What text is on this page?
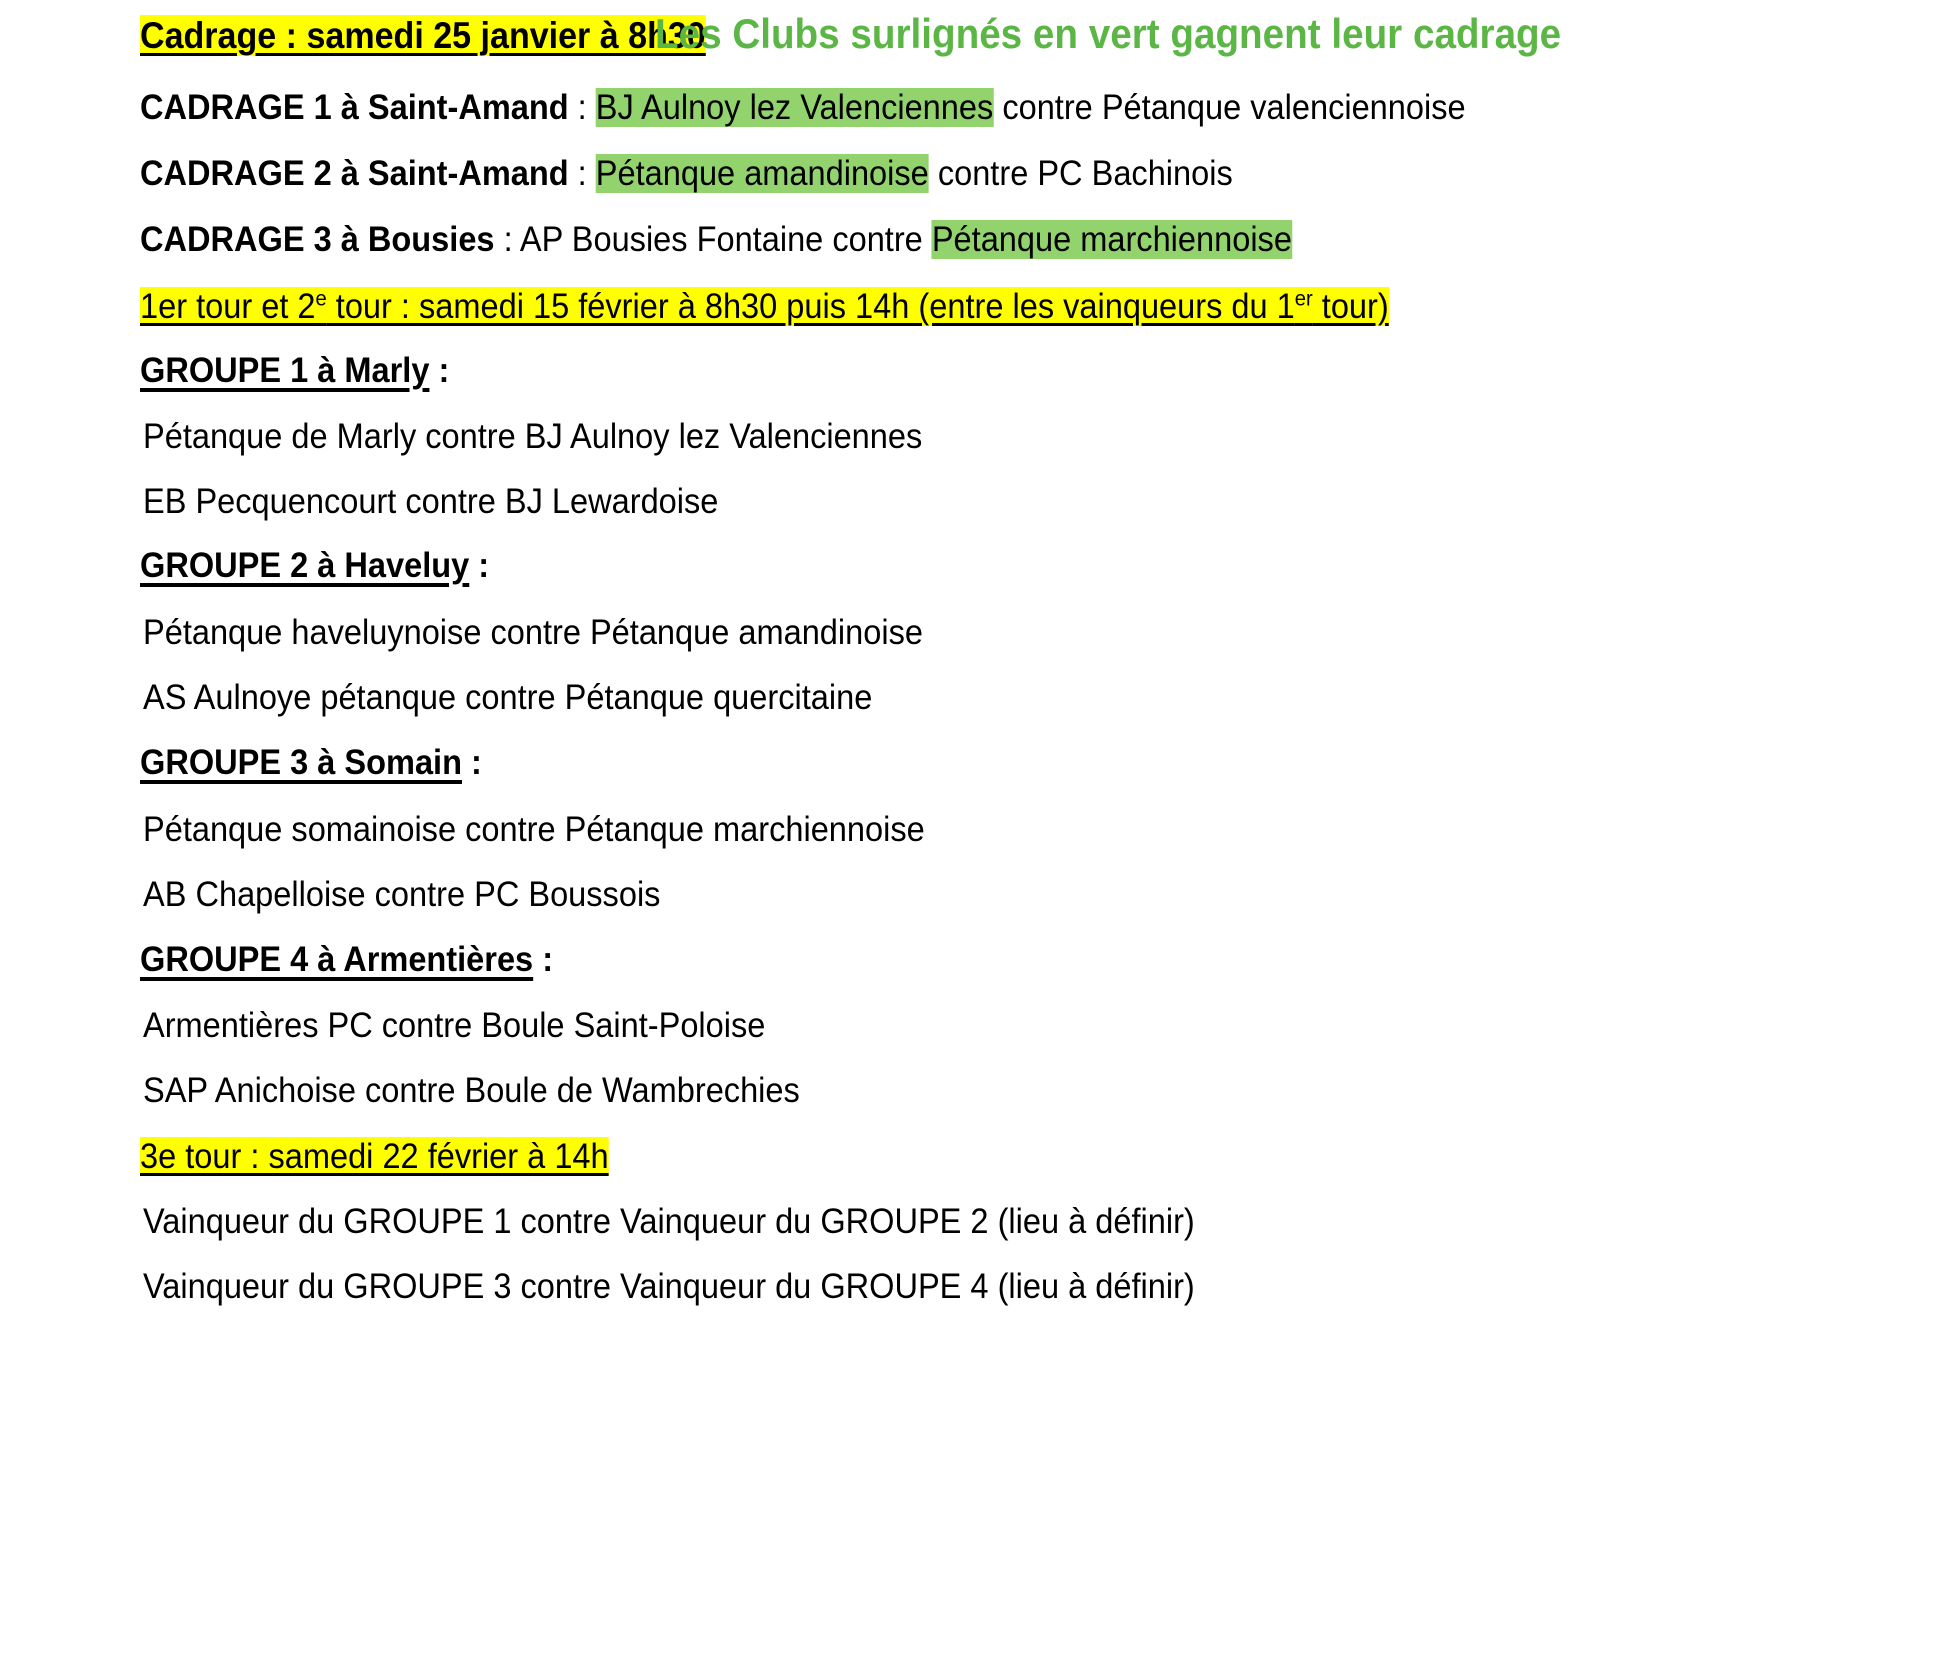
Cadrage : samedi 25 janvier à 8h30
Les Clubs surlignés en vert gagnent leur cadrage
CADRAGE 1 à Saint-Amand : BJ Aulnoy lez Valenciennes contre Pétanque valenciennoise
CADRAGE 2 à Saint-Amand : Pétanque amandinoise contre PC Bachinois
CADRAGE 3 à Bousies : AP Bousies Fontaine contre Pétanque marchiennoise
1er tour et 2e tour : samedi 15 février à 8h30 puis 14h (entre les vainqueurs du 1er tour)
GROUPE 1 à Marly :
Pétanque de Marly contre BJ Aulnoy lez Valenciennes
EB Pecquencourt contre BJ Lewardoise
GROUPE 2 à Haveluy :
Pétanque haveluynoise contre Pétanque amandinoise
AS Aulnoye pétanque contre Pétanque quercitaine
GROUPE 3 à Somain :
Pétanque somainoise contre Pétanque marchiennoise
AB Chapelloise contre PC Boussois
GROUPE 4 à Armentières :
Armentières PC contre Boule Saint-Poloise
SAP Anichoise contre Boule de Wambrechies
3e tour : samedi 22 février à 14h
Vainqueur du GROUPE 1 contre Vainqueur du GROUPE 2 (lieu à définir)
Vainqueur du GROUPE 3 contre Vainqueur du GROUPE 4 (lieu à définir)
